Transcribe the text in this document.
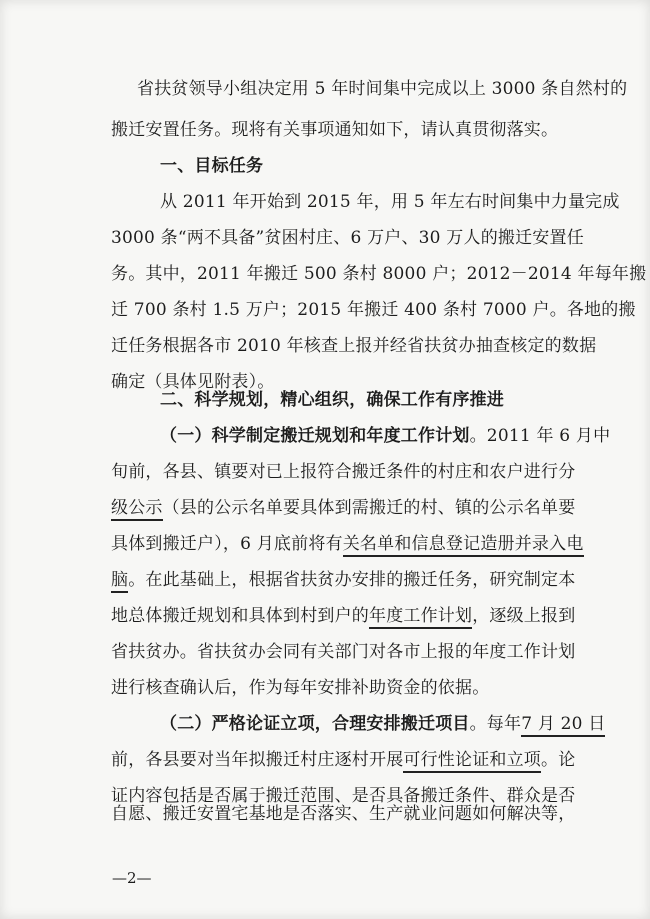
省扶贫领导小组决定用 5 年时间集中完成以上 3000 条自然村的
搬迁安置任务。现将有关事项通知如下，请认真贯彻落实。
一、目标任务
从 2011 年开始到 2015 年，用 5 年左右时间集中力量完成
3000 条“两不具备”贫困村庄、6 万户、30 万人的搬迁安置任
务。其中，2011 年搬迁 500 条村 8000 户；2012－2014 年每年搬
迁 700 条村 1.5 万户；2015 年搬迁 400 条村 7000 户。各地的搬
迁任务根据各市 2010 年核查上报并经省扶贫办抽查核定的数据
确定（具体见附表）。
二、科学规划，精心组织，确保工作有序推进
（一）科学制定搬迁规划和年度工作计划。2011 年 6 月中
旬前，各县、镇要对已上报符合搬迁条件的村庄和农户进行分
级公示（县的公示名单要具体到需搬迁的村、镇的公示名单要
具体到搬迁户），6 月底前将有关名单和信息登记造册并录入电
脑。在此基础上，根据省扶贫办安排的搬迁任务，研究制定本
地总体搬迁规划和具体到村到户的年度工作计划，逐级上报到
省扶贫办。省扶贫办会同有关部门对各市上报的年度工作计划
进行核查确认后，作为每年安排补助资金的依据。
（二）严格论证立项，合理安排搬迁项目。每年7 月 20 日
前，各县要对当年拟搬迁村庄逐村开展可行性论证和立项。论
证内容包括是否属于搬迁范围、是否具备搬迁条件、群众是否
自愿、搬迁安置宅基地是否落实、生产就业问题如何解决等，
—2—
